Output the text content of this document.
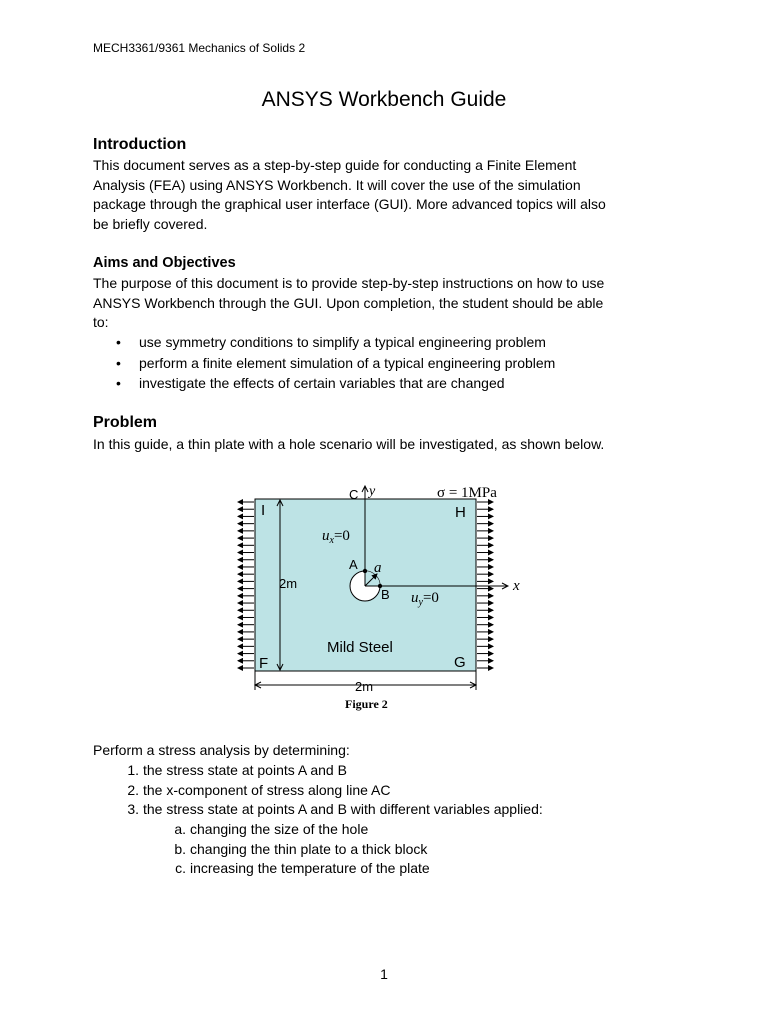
MECH3361/9361 Mechanics of Solids 2
ANSYS Workbench Guide
Introduction
This document serves as a step-by-step guide for conducting a Finite Element
Analysis (FEA) using ANSYS Workbench. It will cover the use of the simulation
package through the graphical user interface (GUI). More advanced topics will also
be briefly covered.
Aims and Objectives
The purpose of this document is to provide step-by-step instructions on how to use
ANSYS Workbench through the GUI. Upon completion, the student should be able
to:
• use symmetry conditions to simplify a typical engineering problem
• perform a finite element simulation of a typical engineering problem
• investigate the effects of certain variables that are changed
Problem
In this guide, a thin plate with a hole scenario will be investigated, as shown below.
C y	σ = 1MPa
I	H
$u_x=0$
A a
x
2m
B $u_y=0$
Mild Steel
F	G
2m
Figure 2
Perform a stress analysis by determining:
1. the stress state at points A and B
2. the x-component of stress along line AC
3. the stress state at points A and B with different variables applied:
a. changing the size of the hole
b. changing the thin plate to a thick block
c. increasing the temperature of the plate
1
